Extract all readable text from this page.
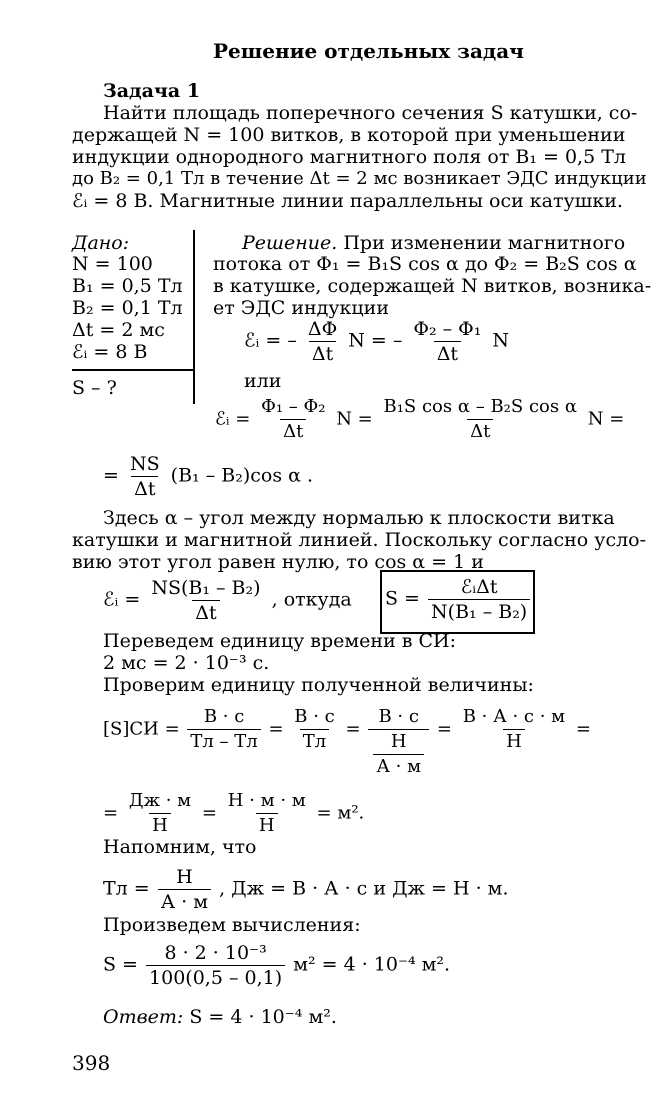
Решение отдельных задач
Задача 1
Найти площадь поперечного сечения S катушки, со-
держащей N = 100 витков, в которой при уменьшении
индукции однородного магнитного поля от B₁ = 0,5 Тл
до B₂ = 0,1 Тл в течение Δt = 2 мс возникает ЭДС индукции
ℰᵢ = 8 В. Магнитные линии параллельны оси катушки.
Дано:
N = 100
B₁ = 0,5 Тл
B₂ = 0,1 Тл
Δt = 2 мс
ℰᵢ = 8 В
S – ?
Решение. При изменении магнитного
потока от Φ₁ = B₁S cos α до Φ₂ = B₂S cos α
в катушке, содержащей N витков, возника-
ет ЭДС индукции
ℰᵢ = – $\frac{\Delta\Phi}{\Delta t}$ N = – $\frac{\text{Φ₂ – Φ₁}}{\Delta t}$ N
или
ℰᵢ = $\frac{\text{Φ₁ – Φ₂}}{\Delta t}$ $N = \frac{\text{B₁S cos α – B₂S cos α}}{\Delta t}$ N =
= $\frac{NS}{\Delta t} (B_1 - B_2)\cos$ α .
Здесь α – угол между нормалью к плоскости витка
катушки и магнитной линией. Поскольку согласно усло-
вию этот угол равен нулю, то cos α = 1 и
ℰᵢ = $\frac{\text{NS(B₁ – B₂)}}{\Delta t}$ , откуда $S = \frac{\text{ℰᵢΔt}}{\text{N(B₁ – B₂)}}$
Переведем единицу времени в СИ:
2 мс = 2 · 10⁻³ с.
Проверим единицу полученной величины:
$[S]СИ = \frac{В \cdot с}{Тл - Тл} = \frac{В \cdot с}{Тл} = \frac{В \cdot с}{\frac{Н}{А \cdot м}} = \frac{В \cdot А \cdot с \cdot м}{Н}$ =
= $\frac{Дж \cdot м}{Н} = \frac{Н \cdot м \cdot м}{Н} = м^2$.
Напомним, что
Тл = $\frac{Н}{А \cdot м}$ , Дж = В · А · с и Дж = Н · м.
Произведем вычисления:
$S = \frac{\text{8 · 2 · 10⁻³}}{100(0,5 - 0,1)} м^2 = 4 \cdot 10^{-4}$ м².
Ответ: S = 4 · 10⁻⁴ м².
398
